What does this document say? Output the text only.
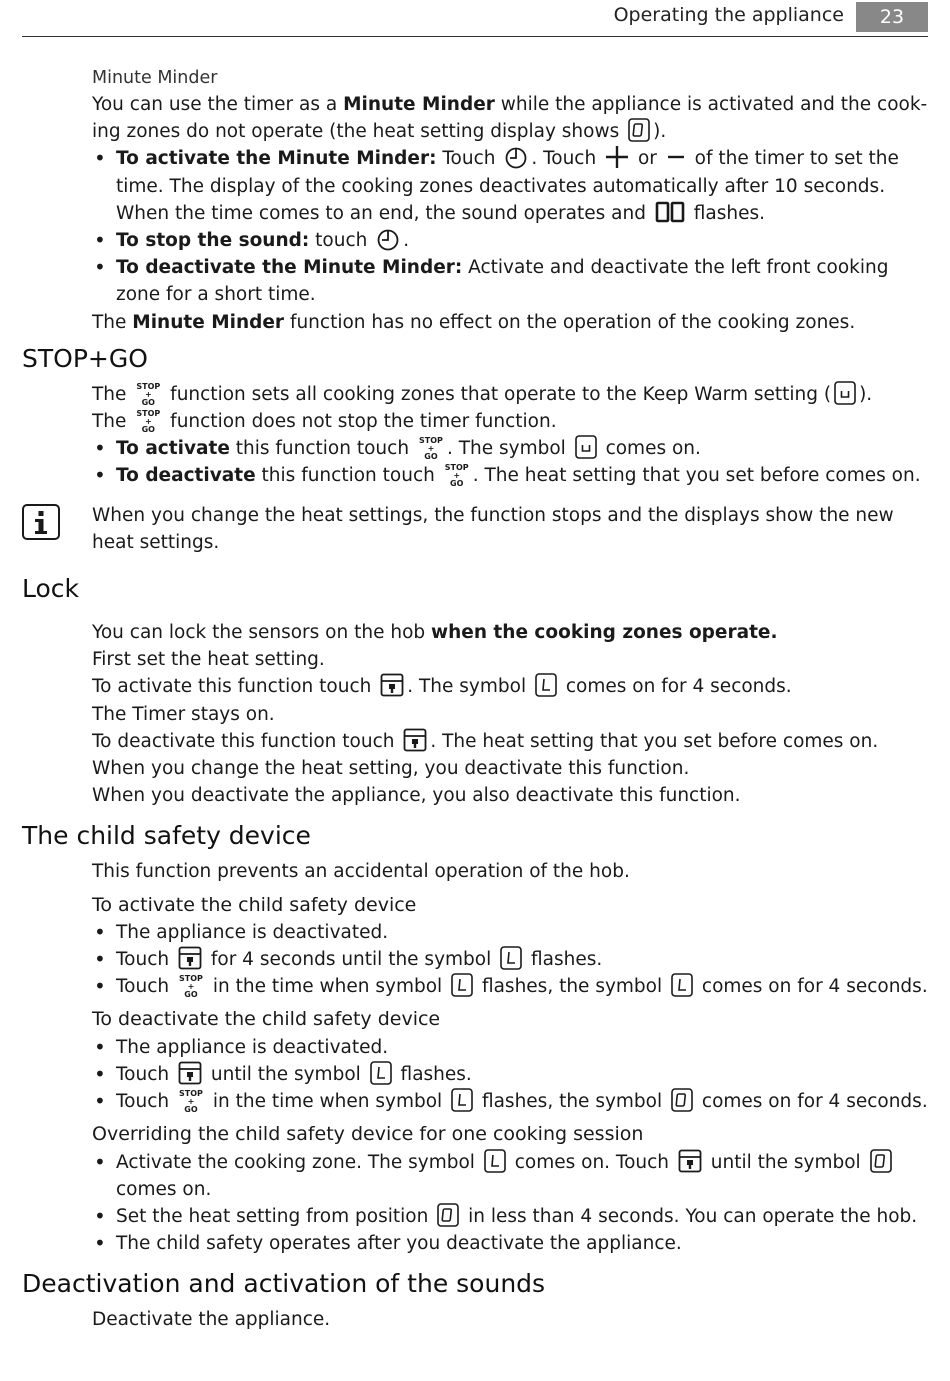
Operating the appliance	23
Minute Minder

You can use the timer as a Minute Minder while the appliance is activated and the cook-ing zones do not operate (the heat setting display shows ).

• To activate the Minute Minder: Touch . Touch  or  of the timer to set the time. The display of the cooking zones deactivates automatically after 10 seconds. When the time comes to an end, the sound operates and  flashes.
• To stop the sound: touch .
• To deactivate the Minute Minder: Activate and deactivate the left front cooking zone for a short time.

The Minute Minder function has no effect on the operation of the cooking zones.

STOP+GO

The STOP
+
GO function sets all cooking zones that operate to the Keep Warm setting ( ).

The STOP
+
GO function does not stop the timer function.

• To activate this function touch STOP
+
GO . The symbol  comes on.
• To deactivate this function touch STOP
+
GO . The heat setting that you set before comes on.

When you change the heat settings, the function stops and the displays show the new heat settings.

Lock

You can lock the sensors on the hob when the cooking zones operate.

First set the heat setting.

To activate this function touch . The symbol  comes on for 4 seconds.

The Timer stays on.

To deactivate this function touch . The heat setting that you set before comes on.

When you change the heat setting, you deactivate this function.

When you deactivate the appliance, you also deactivate this function.

The child safety device

This function prevents an accidental operation of the hob.

To activate the child safety device

• The appliance is deactivated.
• Touch  for 4 seconds until the symbol  flashes.
• Touch STOP
+
GO in the time when symbol  flashes, the symbol  comes on for 4 seconds.

To deactivate the child safety device

• The appliance is deactivated.
• Touch  until the symbol  flashes.
• Touch STOP
+
GO in the time when symbol  flashes, the symbol  comes on for 4 seconds.

Overriding the child safety device for one cooking session

• Activate the cooking zone. The symbol  comes on. Touch  until the symbol  comes on.
• Set the heat setting from position  in less than 4 seconds. You can operate the hob.
• The child safety operates after you deactivate the appliance.
Deactivation and activation of the sounds

Deactivate the appliance.
